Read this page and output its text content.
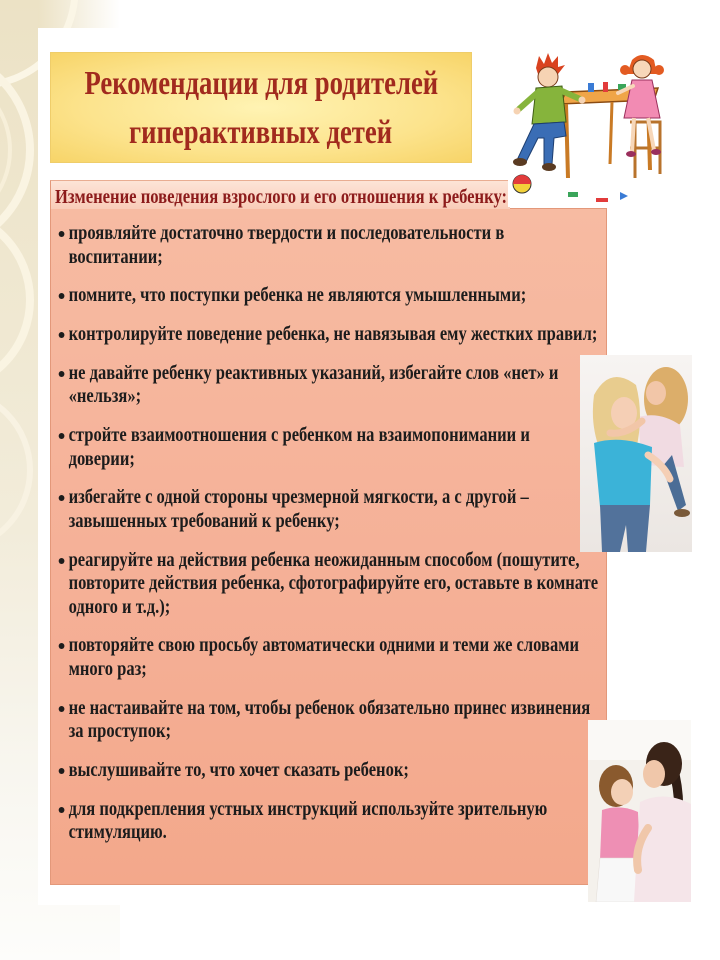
Рекомендации для родителей
гиперактивных детей
Изменение поведения взрослого и его отношения к ребенку:
проявляйте достаточно твердости и последовательности в
воспитании;
помните, что поступки ребенка не являются умышленными;
контролируйте поведение ребенка, не навязывая ему жестких правил;
не давайте ребенку реактивных указаний, избегайте слов «нет» и
«нельзя»;
стройте взаимоотношения с ребенком на взаимопонимании и
доверии;
избегайте с одной стороны чрезмерной мягкости, а с другой –
завышенных требований к ребенку;
реагируйте на действия ребенка неожиданным способом (пошутите,
повторите действия ребенка, сфотографируйте его, оставьте в комнате
одного и т.д.);
повторяйте свою просьбу автоматически одними и теми же словами
много раз;
не настаивайте на том, чтобы ребенок обязательно принес извинения
за проступок;
выслушивайте то, что хочет сказать ребенок;
для подкрепления устных инструкций используйте зрительную
стимуляцию.
